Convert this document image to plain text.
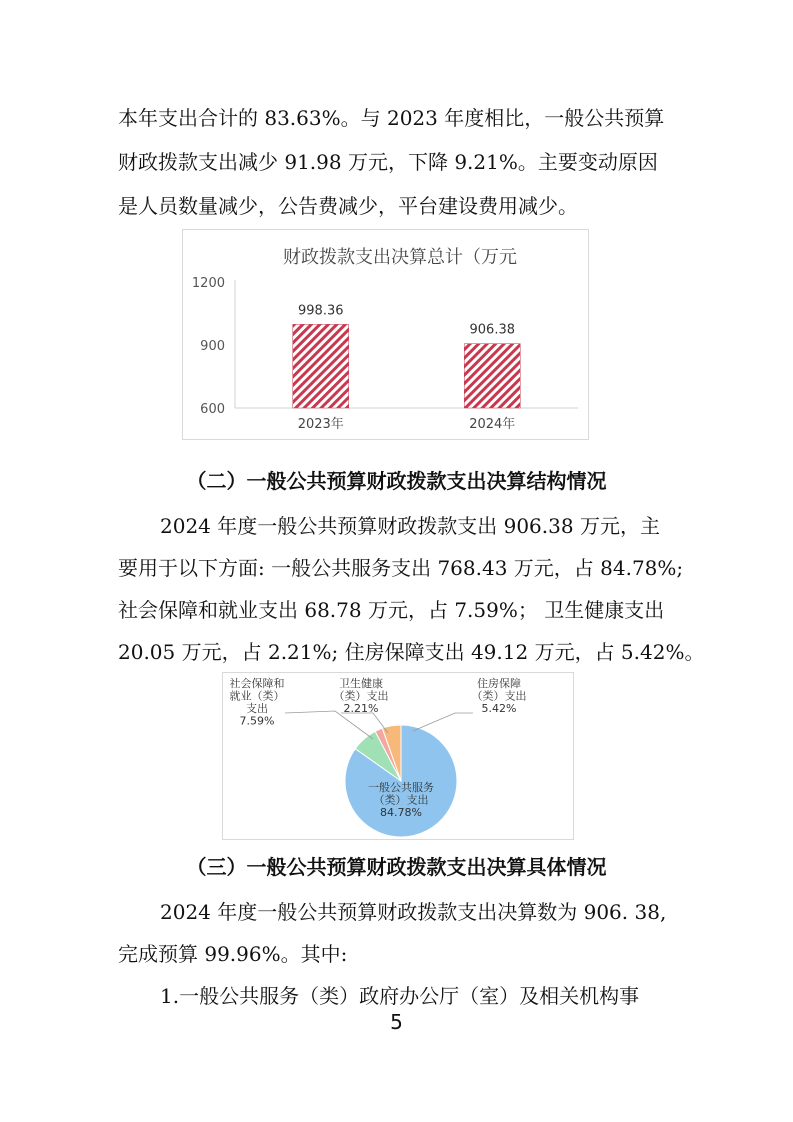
本年支出合计的 83.63%。与 2023 年度相比，一般公共预算

财政拨款支出减少 91.98 万元，下降 9.21%。主要变动原因

是人员数量减少，公告费减少，平台建设费用减少。

财政拨款支出决算总计（万元
1200
900
600
998.36
2023年
906.38
2024年

（二）一般公共预算财政拨款支出决算结构情况

2024 年度一般公共预算财政拨款支出 906.38 万元，主

要用于以下方面: 一般公共服务支出 768.43 万元，占 84.78%;

社会保障和就业支出 68.78 万元，占 7.59%； 卫生健康支出

20.05 万元，占 2.21%; 住房保障支出 49.12 万元，占 5.42%。

一般公共服务（类）支出 84.78%
社会保障和就业（类）支出 7.59%
卫生健康（类）支出 2.21%
住房保障（类）支出 5.42%

（三）一般公共预算财政拨款支出决算具体情况

2024 年度一般公共预算财政拨款支出决算数为 906. 38,

完成预算 99.96%。其中:

1.一般公共服务（类）政府办公厅（室）及相关机构事

5
